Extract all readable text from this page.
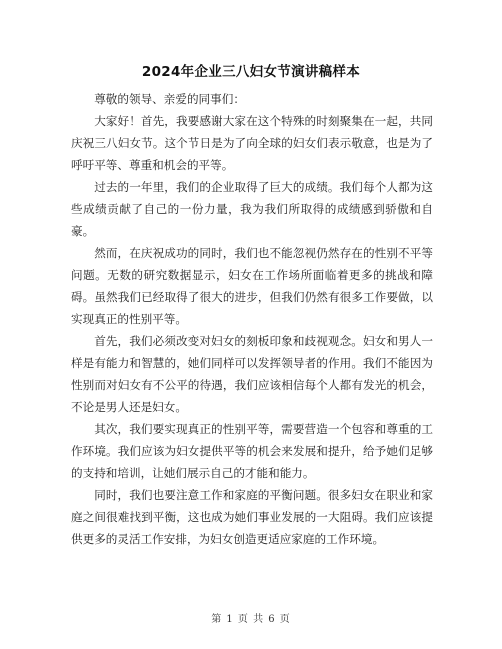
2024年企业三八妇女节演讲稿样本

尊敬的领导、亲爱的同事们：

大家好！首先，我要感谢大家在这个特殊的时刻聚集在一起，共同庆祝三八妇女节。这个节日是为了向全球的妇女们表示敬意，也是为了呼吁平等、尊重和机会的平等。

过去的一年里，我们的企业取得了巨大的成绩。我们每个人都为这些成绩贡献了自己的一份力量，我为我们所取得的成绩感到骄傲和自豪。

然而，在庆祝成功的同时，我们也不能忽视仍然存在的性别不平等问题。无数的研究数据显示，妇女在工作场所面临着更多的挑战和障碍。虽然我们已经取得了很大的进步，但我们仍然有很多工作要做，以实现真正的性别平等。

首先，我们必须改变对妇女的刻板印象和歧视观念。妇女和男人一样是有能力和智慧的，她们同样可以发挥领导者的作用。我们不能因为性别而对妇女有不公平的待遇，我们应该相信每个人都有发光的机会，不论是男人还是妇女。

其次，我们要实现真正的性别平等，需要营造一个包容和尊重的工作环境。我们应该为妇女提供平等的机会来发展和提升，给予她们足够的支持和培训，让她们展示自己的才能和能力。

同时，我们也要注意工作和家庭的平衡问题。很多妇女在职业和家庭之间很难找到平衡，这也成为她们事业发展的一大阻碍。我们应该提供更多的灵活工作安排，为妇女创造更适应家庭的工作环境。

第 1 页 共 6 页
